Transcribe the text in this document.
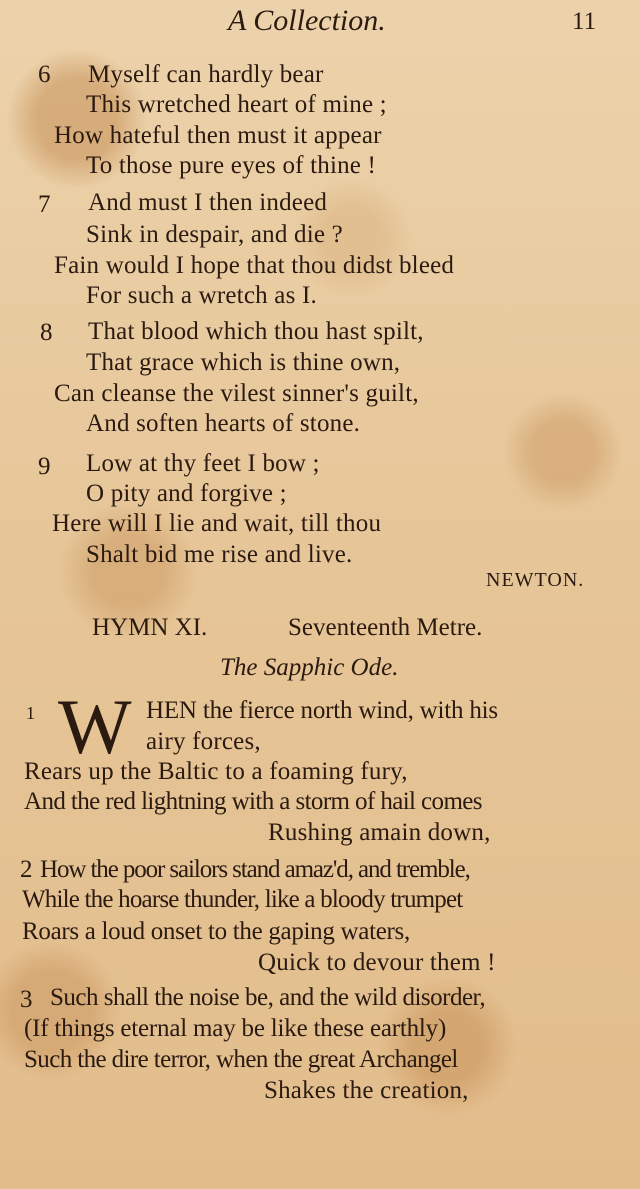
A Collection.	11
6 Myself can hardly bear
This wretched heart of mine ;
How hateful then must it appear
To those pure eyes of thine !
7 And must I then indeed
Sink in despair, and die ?
Fain would I hope that thou didst bleed
For such a wretch as I.
8 That blood which thou hast spilt,
That grace which is thine own,
Can cleanse the vilest sinner's guilt,
And soften hearts of stone.
9 Low at thy feet I bow ;
O pity and forgive ;
Here will I lie and wait, till thou
Shalt bid me rise and live.
NEWTON.
HYMN XI.	Seventeenth Metre.
The Sapphic Ode.
1 W HEN the fierce north wind, with his
airy forces,
Rears up the Baltic to a foaming fury,
And the red lightning with a storm of hail comes
Rushing amain down,
2 How the poor sailors stand amaz'd, and tremble,
While the hoarse thunder, like a bloody trumpet
Roars a loud onset to the gaping waters,
Quick to devour them !
3 Such shall the noise be, and the wild disorder,
(If things eternal may be like these earthly)
Such the dire terror, when the great Archangel
Shakes the creation,
